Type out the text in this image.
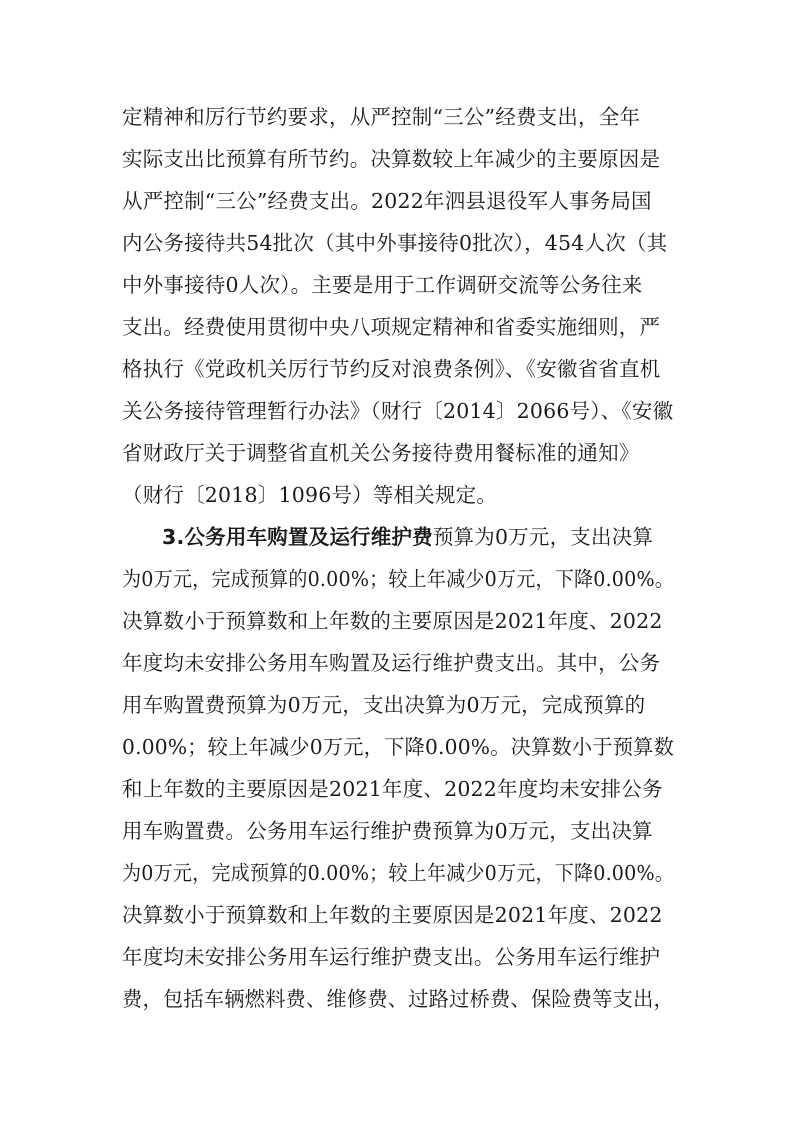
定精神和厉行节约要求，从严控制“三公”经费支出，全年
实际支出比预算有所节约。决算数较上年减少的主要原因是
从严控制“三公”经费支出。2022年泗县退役军人事务局国
内公务接待共54批次（其中外事接待0批次），454人次（其
中外事接待0人次）。主要是用于工作调研交流等公务往来
支出。经费使用贯彻中央八项规定精神和省委实施细则，严
格执行《党政机关厉行节约反对浪费条例》、《安徽省省直机
关公务接待管理暂行办法》（财行〔2014〕2066号）、《安徽
省财政厅关于调整省直机关公务接待费用餐标准的通知》
（财行〔2018〕1096号）等相关规定。
3.公务用车购置及运行维护费预算为0万元，支出决算
为0万元，完成预算的0.00%；较上年减少0万元，下降0.00%。
决算数小于预算数和上年数的主要原因是2021年度、2022
年度均未安排公务用车购置及运行维护费支出。其中，公务
用车购置费预算为0万元，支出决算为0万元，完成预算的
0.00%；较上年减少0万元，下降0.00%。决算数小于预算数
和上年数的主要原因是2021年度、2022年度均未安排公务
用车购置费。公务用车运行维护费预算为0万元，支出决算
为0万元，完成预算的0.00%；较上年减少0万元，下降0.00%。
决算数小于预算数和上年数的主要原因是2021年度、2022
年度均未安排公务用车运行维护费支出。公务用车运行维护
费，包括车辆燃料费、维修费、过路过桥费、保险费等支出，
